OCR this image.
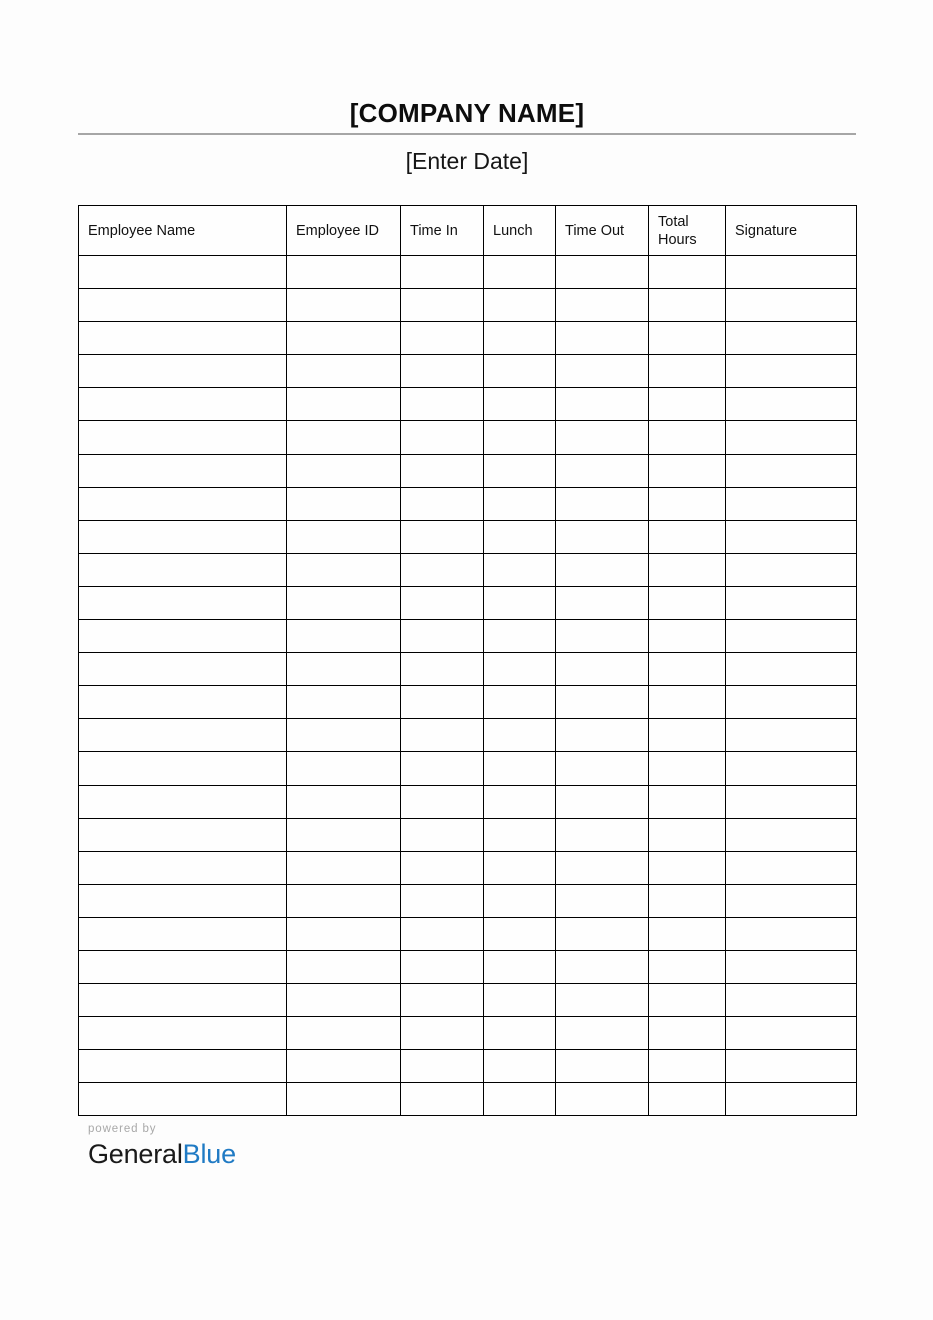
[COMPANY NAME]
[Enter Date]
Employee Name	Employee ID	Time In	Lunch	Time Out	Total Hours	Signature

powered by
GeneralBlue
